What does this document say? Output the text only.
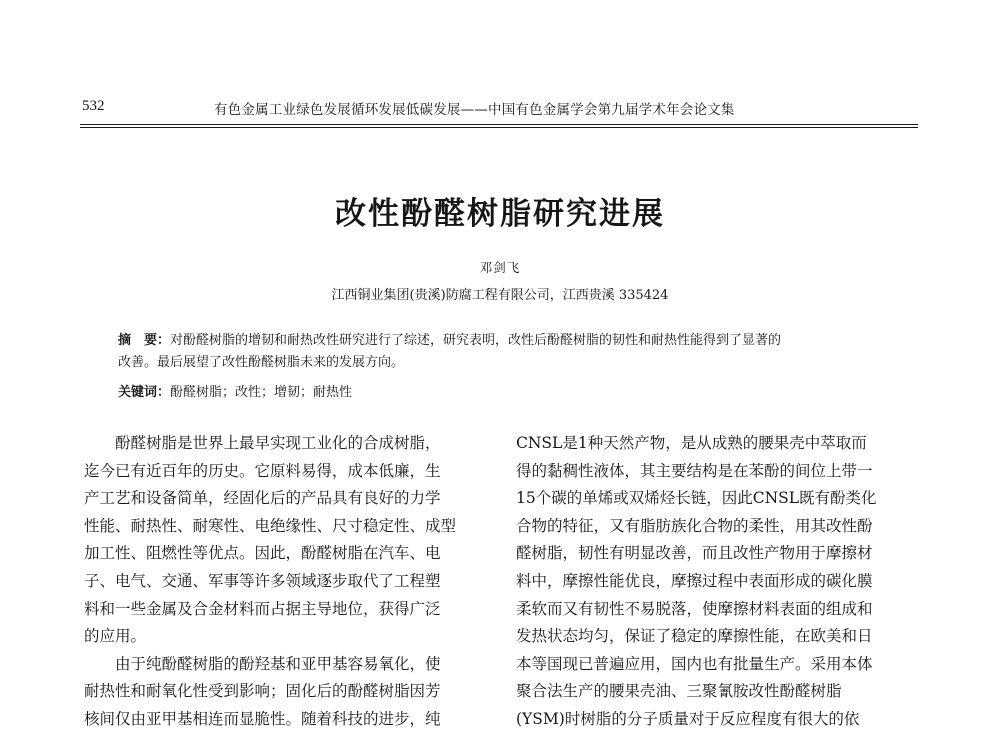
532	有色金属工业绿色发展循环发展低碳发展——中国有色金属学会第九届学术年会论文集
改性酚醛树脂研究进展
邓剑飞
江西铜业集团(贵溪)防腐工程有限公司，江西贵溪 335424
摘　要：对酚醛树脂的增韧和耐热改性研究进行了综述，研究表明，改性后酚醛树脂的韧性和耐热性能得到了显著的
改善。最后展望了改性酚醛树脂未来的发展方向。
关键词：酚醛树脂；改性；增韧；耐热性
酚醛树脂是世界上最早实现工业化的合成树脂，
迄今已有近百年的历史。它原料易得，成本低廉，生
产工艺和设备简单，经固化后的产品具有良好的力学
性能、耐热性、耐寒性、电绝缘性、尺寸稳定性、成型
加工性、阻燃性等优点。因此，酚醛树脂在汽车、电
子、电气、交通、军事等许多领域逐步取代了工程塑
料和一些金属及合金材料而占据主导地位，获得广泛
的应用。
由于纯酚醛树脂的酚羟基和亚甲基容易氧化，使
耐热性和耐氧化性受到影响；固化后的酚醛树脂因芳
核间仅由亚甲基相连而显脆性。随着科技的进步，纯
CNSL是1种天然产物，是从成熟的腰果壳中萃取而
得的黏稠性液体，其主要结构是在苯酚的间位上带一
15个碳的单烯或双烯烃长链，因此CNSL既有酚类化
合物的特征，又有脂肪族化合物的柔性，用其改性酚
醛树脂，韧性有明显改善，而且改性产物用于摩擦材
料中，摩擦性能优良，摩擦过程中表面形成的碳化膜
柔软而又有韧性不易脱落，使摩擦材料表面的组成和
发热状态均匀，保证了稳定的摩擦性能，在欧美和日
本等国现已普遍应用，国内也有批量生产。采用本体
聚合法生产的腰果壳油、三聚氰胺改性酚醛树脂
(YSM)时树脂的分子质量对于反应程度有很大的依
